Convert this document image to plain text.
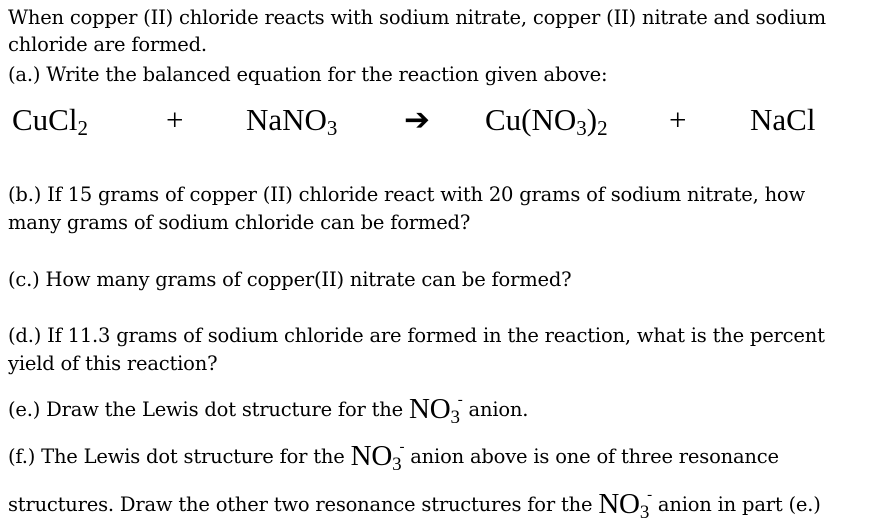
When copper (II) chloride reacts with sodium nitrate, copper (II) nitrate and sodium
chloride are formed.
(a.) Write the balanced equation for the reaction given above:
CuCl$_2$	+ NaNO$_3$ ➔ $Cu(NO_3)_2$ + NaCl
(b.) If 15 grams of copper (II) chloride react with 20 grams of sodium nitrate, how
many grams of sodium chloride can be formed?
(c.) How many grams of copper(II) nitrate can be formed?
(d.) If 11.3 grams of sodium chloride are formed in the reaction, what is the percent
yield of this reaction?
(e.) Draw the Lewis dot structure for the $NO_3^-$ anion.
(f.) The Lewis dot structure for the $NO_3^-$ anion above is one of three resonance
structures. Draw the other two resonance structures for the $NO_3^-$ anion in part (e.)
